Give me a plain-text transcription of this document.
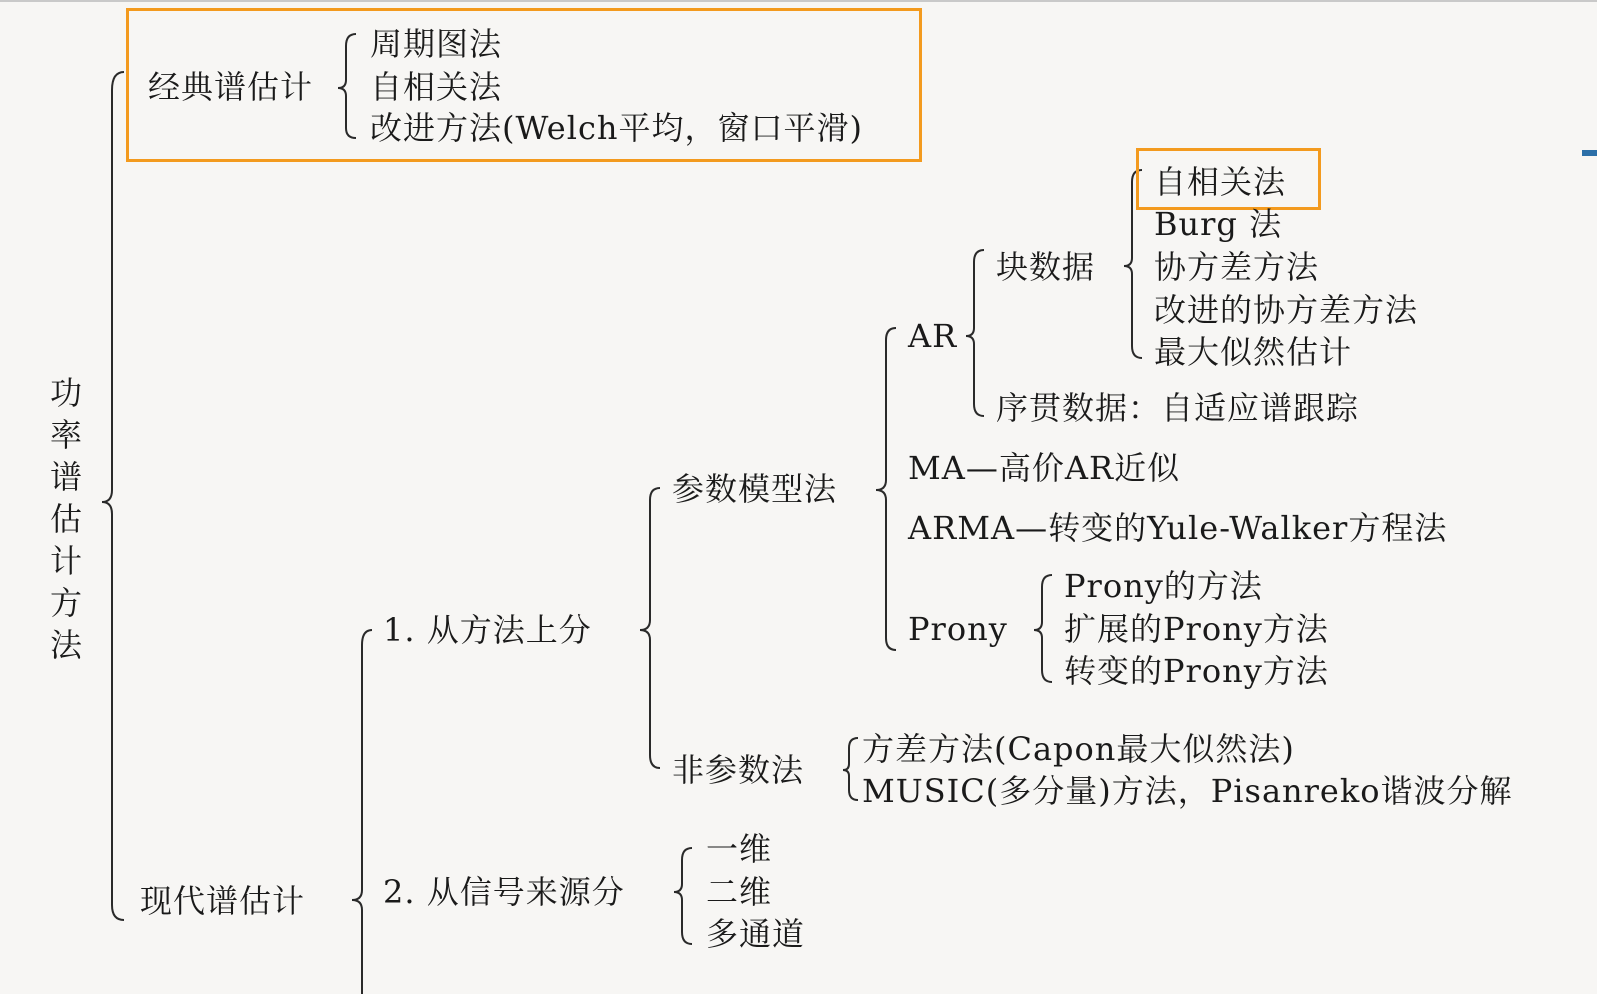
功
率
谱
估
计
方
法
经典谱估计
周期图法
自相关法
改进方法(Welch平均，窗口平滑)
现代谱估计
1. 从方法上分
参数模型法
AR
块数据
自相关法
Burg 法
协方差方法
改进的协方差方法
最大似然估计
序贯数据：自适应谱跟踪
MA—高价AR近似
ARMA—转变的Yule-Walker方程法
Prony
Prony的方法
扩展的Prony方法
转变的Prony方法
非参数法
方差方法(Capon最大似然法)
MUSIC(多分量)方法，Pisanreko谐波分解
2. 从信号来源分
一维
二维
多通道
